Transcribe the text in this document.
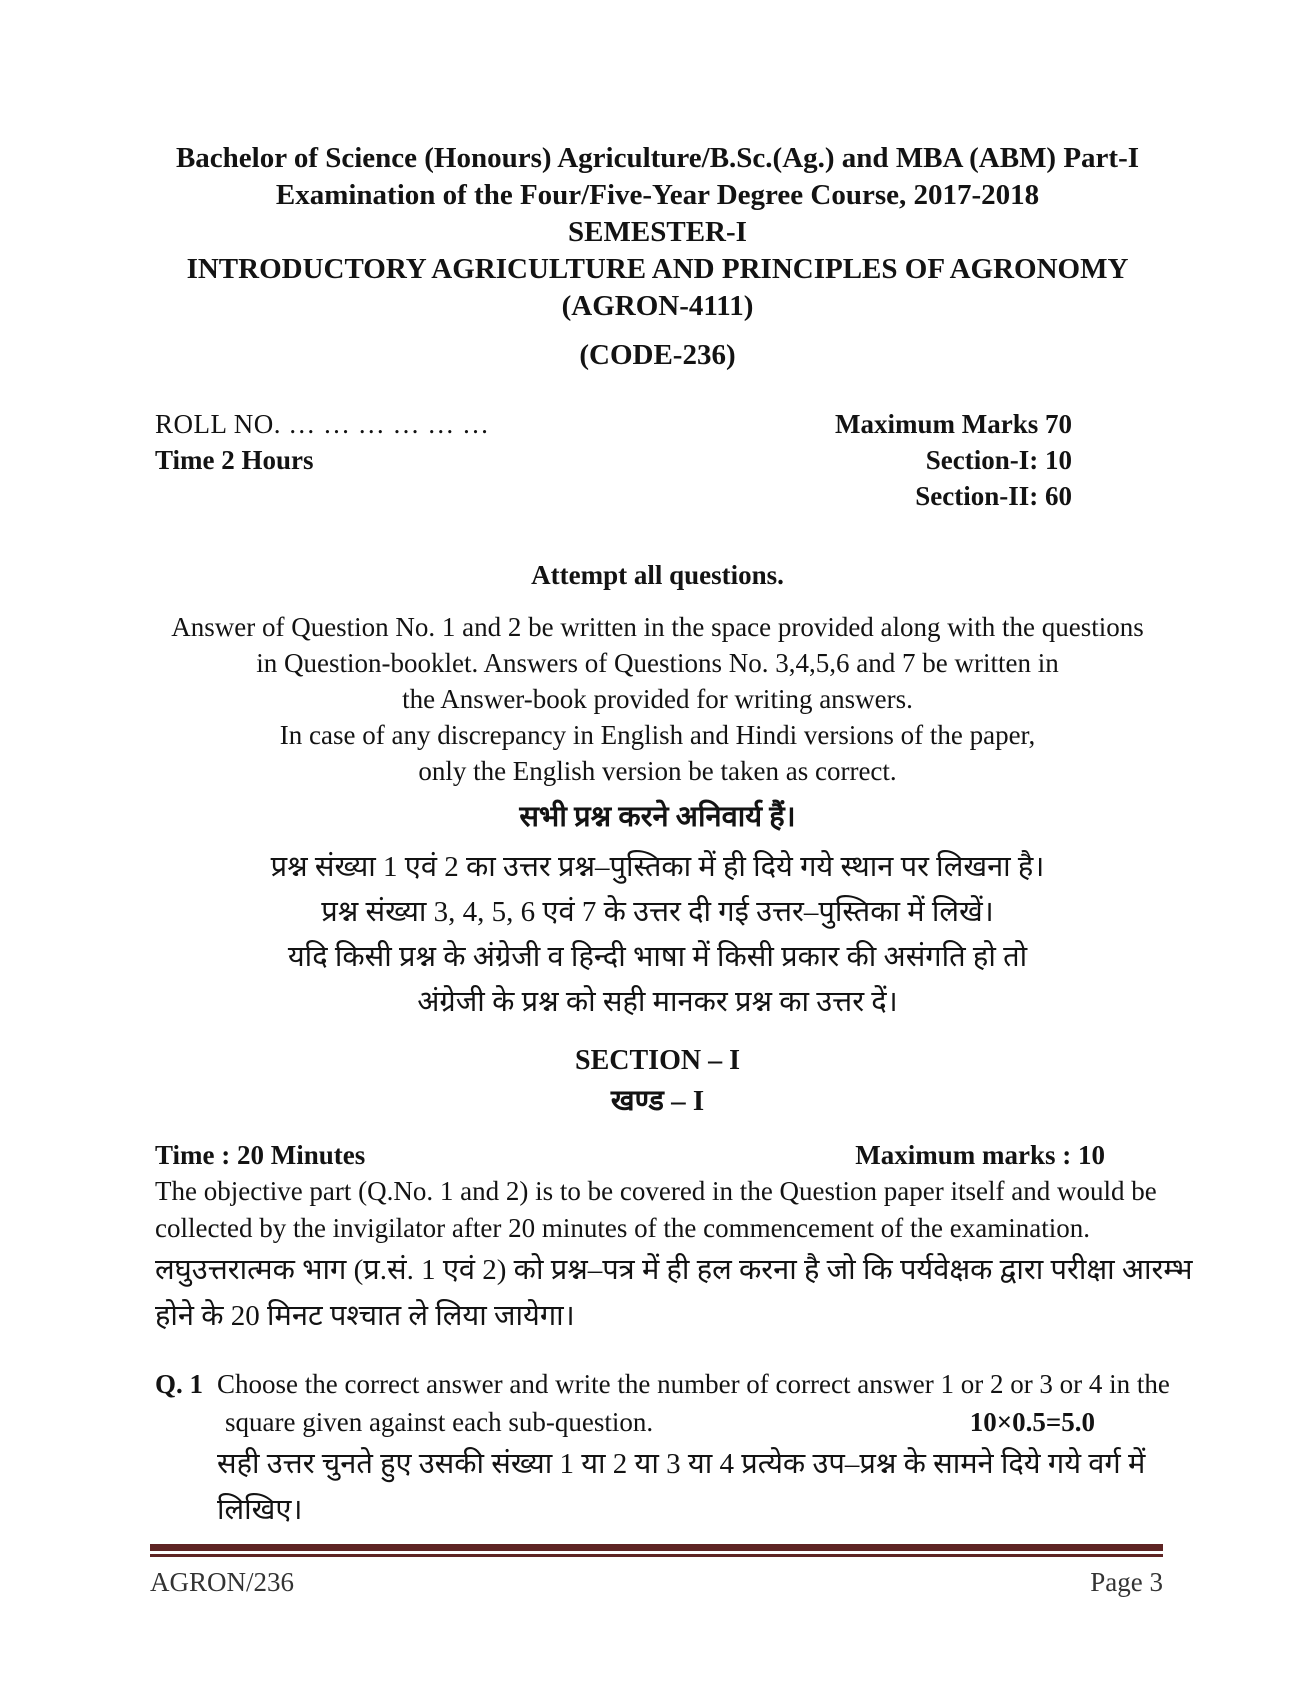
Bachelor of Science (Honours) Agriculture/B.Sc.(Ag.) and MBA (ABM) Part-I
Examination of the Four/Five-Year Degree Course, 2017-2018
SEMESTER-I
INTRODUCTORY AGRICULTURE AND PRINCIPLES OF AGRONOMY
(AGRON-4111)
(CODE-236)
ROLL NO. … … … … … …
Time 2 Hours
Maximum Marks 70
Section-I: 10
Section-II: 60
Attempt all questions.
Answer of Question No. 1 and 2 be written in the space provided along with the questions
in Question-booklet. Answers of Questions No. 3,4,5,6 and 7 be written in
the Answer-book provided for writing answers.
In case of any discrepancy in English and Hindi versions of the paper,
only the English version be taken as correct.
सभी प्रश्न करने अनिवार्य हैं।
प्रश्न संख्या 1 एवं 2 का उत्तर प्रश्न–पुस्तिका में ही दिये गये स्थान पर लिखना है।
प्रश्न संख्या 3, 4, 5, 6 एवं 7 के उत्तर दी गई उत्तर–पुस्तिका में लिखें।
यदि किसी प्रश्न के अंग्रेजी व हिन्दी भाषा में किसी प्रकार की असंगति हो तो
अंग्रेजी के प्रश्न को सही मानकर प्रश्न का उत्तर दें।
SECTION – I
खण्ड – I
Time : 20 Minutes	Maximum marks : 10
The objective part (Q.No. 1 and 2) is to be covered in the Question paper itself and would be
collected by the invigilator after 20 minutes of the commencement of the examination.
लघुउत्तरात्मक भाग (प्र.सं. 1 एवं 2) को प्रश्न–पत्र में ही हल करना है जो कि पर्यवेक्षक द्वारा परीक्षा आरम्भ
होने के 20 मिनट पश्चात ले लिया जायेगा।
Q. 1 Choose the correct answer and write the number of correct answer 1 or 2 or 3 or 4 in the
square given against each sub-question.	10×0.5=5.0
सही उत्तर चुनते हुए उसकी संख्या 1 या 2 या 3 या 4 प्रत्येक उप–प्रश्न के सामने दिये गये वर्ग में
लिखिए।
AGRON/236	Page 3
